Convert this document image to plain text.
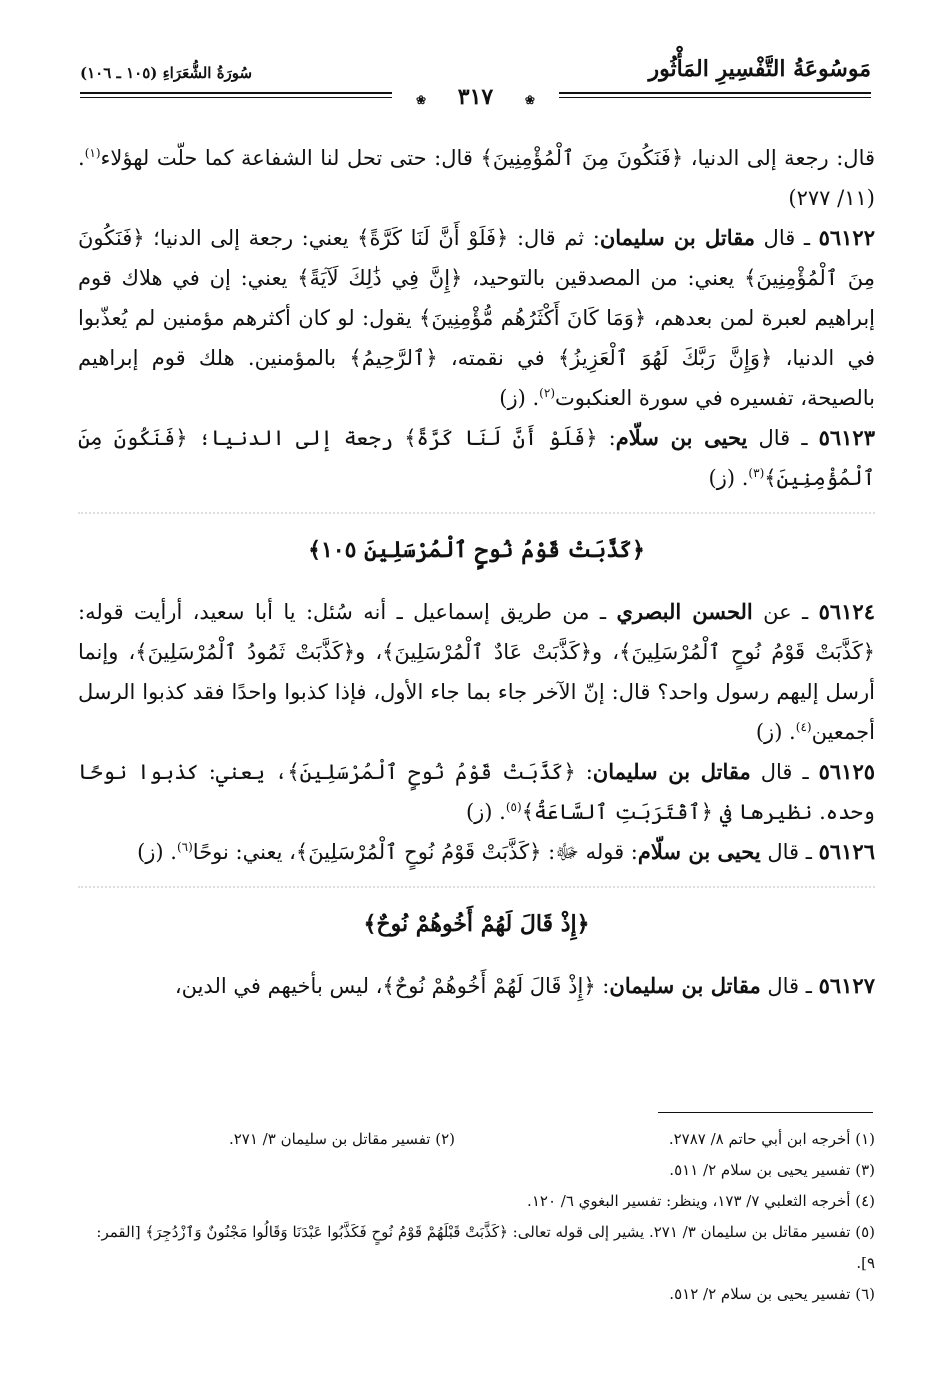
مَوسُوعَةُ التَّفْسِيرِ المَأْثُور
سُورَةُ الشُّعَرَاءِ (١٠٥ ـ ١٠٦)
❀ ٣١٧	❀

قال: رجعة إلى الدنيا، ﴿فَنَكُونَ مِنَ ٱلْمُؤْمِنِينَ﴾ قال: حتى تحل لنا الشفاعة كما حلّت لهؤلاء$^{(١)}$. (١١/ ٢٧٧)

٥٦١٢٢ ـ قال مقاتل بن سليمان: ثم قال: ﴿فَلَوْ أَنَّ لَنَا كَرَّةً﴾ يعني: رجعة إلى الدنيا؛ ﴿فَنَكُونَ مِنَ ٱلْمُؤْمِنِينَ﴾ يعني: من المصدقين بالتوحيد، ﴿إِنَّ فِي ذَٰلِكَ لَآيَةً﴾ يعني: إن في هلاك قوم إبراهيم لعبرة لمن بعدهم، ﴿وَمَا كَانَ أَكْثَرُهُم مُّؤْمِنِينَ﴾ يقول: لو كان أكثرهم مؤمنين لم يُعذّبوا في الدنيا، ﴿وَإِنَّ رَبَّكَ لَهُوَ ٱلْعَزِيزُ﴾ في نقمته، ﴿ٱلرَّحِيمُ﴾ بالمؤمنين. هلك قوم إبراهيم بالصيحة، تفسيره في سورة العنكبوت$^{(٢)}$. (ز)

٥٦١٢٣ ـ قال يحيى بن سلّام: ﴿فَلَوْ أَنَّ لَنَا كَرَّةً﴾ رجعة إلى الدنيا؛ ﴿فَنَكُونَ مِنَ ٱلْمُؤْمِنِينَ﴾$^{(٣)}$. (ز)

﴿كَذَّبَتْ قَوْمُ نُوحٍ ٱلْمُرْسَلِينَ ١٠٥﴾

٥٦١٢٤ ـ عن الحسن البصري ـ من طريق إسماعيل ـ أنه سُئل: يا أبا سعيد، أرأيت قوله: ﴿كَذَّبَتْ قَوْمُ نُوحٍ ٱلْمُرْسَلِينَ﴾، و﴿كَذَّبَتْ عَادٌ ٱلْمُرْسَلِينَ﴾، و﴿كَذَّبَتْ ثَمُودُ ٱلْمُرْسَلِينَ﴾، وإنما أرسل إليهم رسول واحد؟ قال: إنّ الآخر جاء بما جاء الأول، فإذا كذبوا واحدًا فقد كذبوا الرسل أجمعين$^{(٤)}$. (ز)

٥٦١٢٥ ـ قال مقاتل بن سليمان: ﴿كَذَّبَتْ قَوْمُ نُوحٍ ٱلْمُرْسَلِينَ﴾، يعني: كذبوا نوحًا وحده. نظيرها في ﴿ٱقْتَرَبَتِ ٱلسَّاعَةُ﴾$^{(٥)}$. (ز)

٥٦١٢٦ ـ قال يحيى بن سلّام: قوله ﷻ: ﴿كَذَّبَتْ قَوْمُ نُوحٍ ٱلْمُرْسَلِينَ﴾، يعني: نوحًا$^{(٦)}$. (ز)

﴿إِذْ قَالَ لَهُمْ أَخُوهُمْ نُوحٌ﴾

٥٦١٢٧ ـ قال مقاتل بن سليمان: ﴿إِذْ قَالَ لَهُمْ أَخُوهُمْ نُوحٌ﴾، ليس بأخيهم في الدين،

(١) أخرجه ابن أبي حاتم ٨/ ٢٧٨٧.
(٢) تفسير مقاتل بن سليمان ٣/ ٢٧١.

(٣) تفسير يحيى بن سلام ٢/ ٥١١.

(٤) أخرجه الثعلبي ٧/ ١٧٣، وينظر: تفسير البغوي ٦/ ١٢٠.

(٥) تفسير مقاتل بن سليمان ٣/ ٢٧١. يشير إلى قوله تعالى: ﴿كَذَّبَتْ قَبْلَهُمْ قَوْمُ نُوحٍ فَكَذَّبُوا عَبْدَنَا وَقَالُوا مَجْنُونٌ وَٱزْدُجِرَ﴾ [القمر: ٩].

(٦) تفسير يحيى بن سلام ٢/ ٥١٢.
